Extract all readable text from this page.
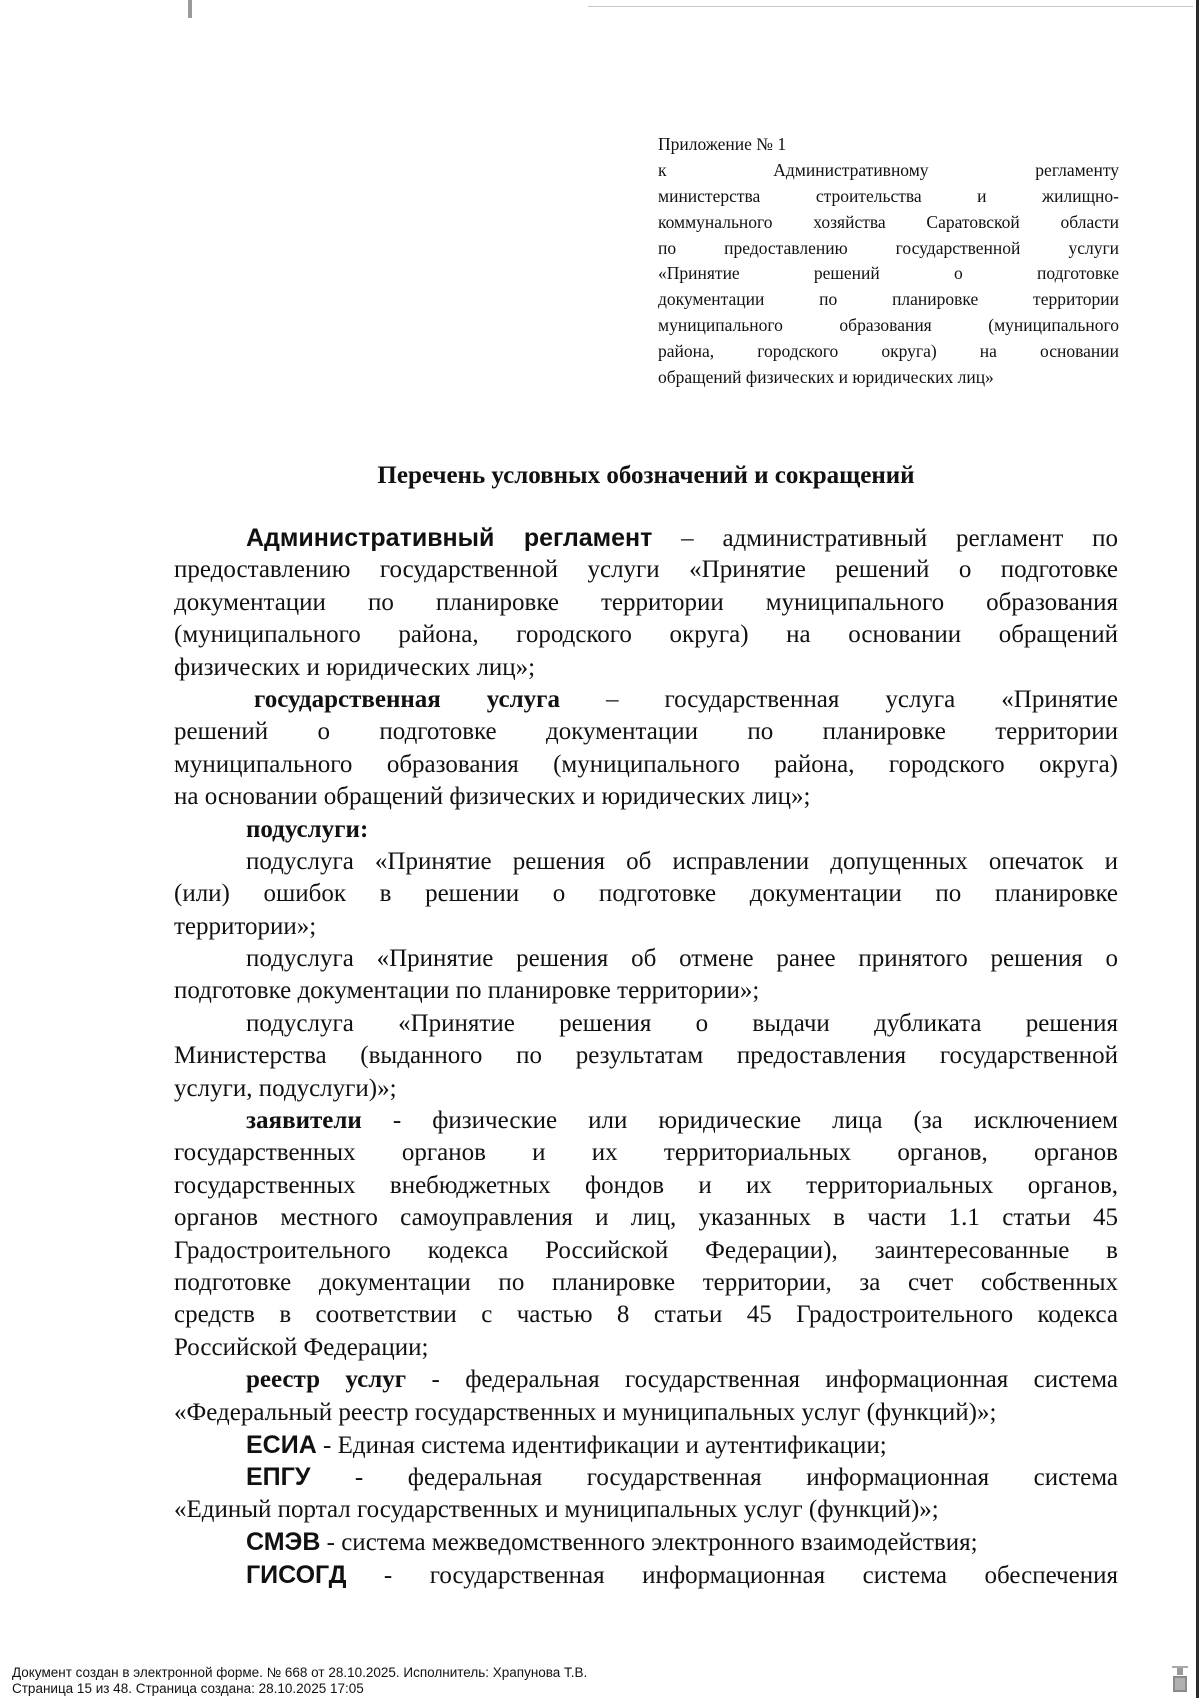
Приложение № 1
к Административному регламенту
министерства строительства и жилищно-
коммунального хозяйства Саратовской области
по предоставлению государственной услуги
«Принятие решений о подготовке
документации по планировке территории
муниципального образования (муниципального
района, городского округа) на основании
обращений физических и юридических лиц»
Перечень условных обозначений и сокращений
Административный регламент – административный регламент по
предоставлению государственной услуги «Принятие решений о подготовке
документации по планировке территории муниципального образования
(муниципального района, городского округа) на основании обращений
физических и юридических лиц»;
государственная услуга – государственная услуга «Принятие
решений о подготовке документации по планировке территории
муниципального образования (муниципального района, городского округа)
на основании обращений физических и юридических лиц»;
подуслуги:
подуслуга «Принятие решения об исправлении допущенных опечаток и
(или) ошибок в решении о подготовке документации по планировке
территории»;
подуслуга «Принятие решения об отмене ранее принятого решения о
подготовке документации по планировке территории»;
подуслуга «Принятие решения о выдачи дубликата решения
Министерства (выданного по результатам предоставления государственной
услуги, подуслуги)»;
заявители - физические или юридические лица (за исключением
государственных органов и их территориальных органов, органов
государственных внебюджетных фондов и их территориальных органов,
органов местного самоуправления и лиц, указанных в части 1.1 статьи 45
Градостроительного кодекса Российской Федерации), заинтересованные в
подготовке документации по планировке территории, за счет собственных
средств в соответствии с частью 8 статьи 45 Градостроительного кодекса
Российской Федерации;
реестр услуг - федеральная государственная информационная система
«Федеральный реестр государственных и муниципальных услуг (функций)»;
ЕСИА - Единая система идентификации и аутентификации;
ЕПГУ - федеральная государственная информационная система
«Единый портал государственных и муниципальных услуг (функций)»;
СМЭВ - система межведомственного электронного взаимодействия;
ГИСОГД - государственная информационная система обеспечения
Документ создан в электронной форме. № 668 от 28.10.2025. Исполнитель: Храпунова Т.В.
Страница 15 из 48. Страница создана: 28.10.2025 17:05
